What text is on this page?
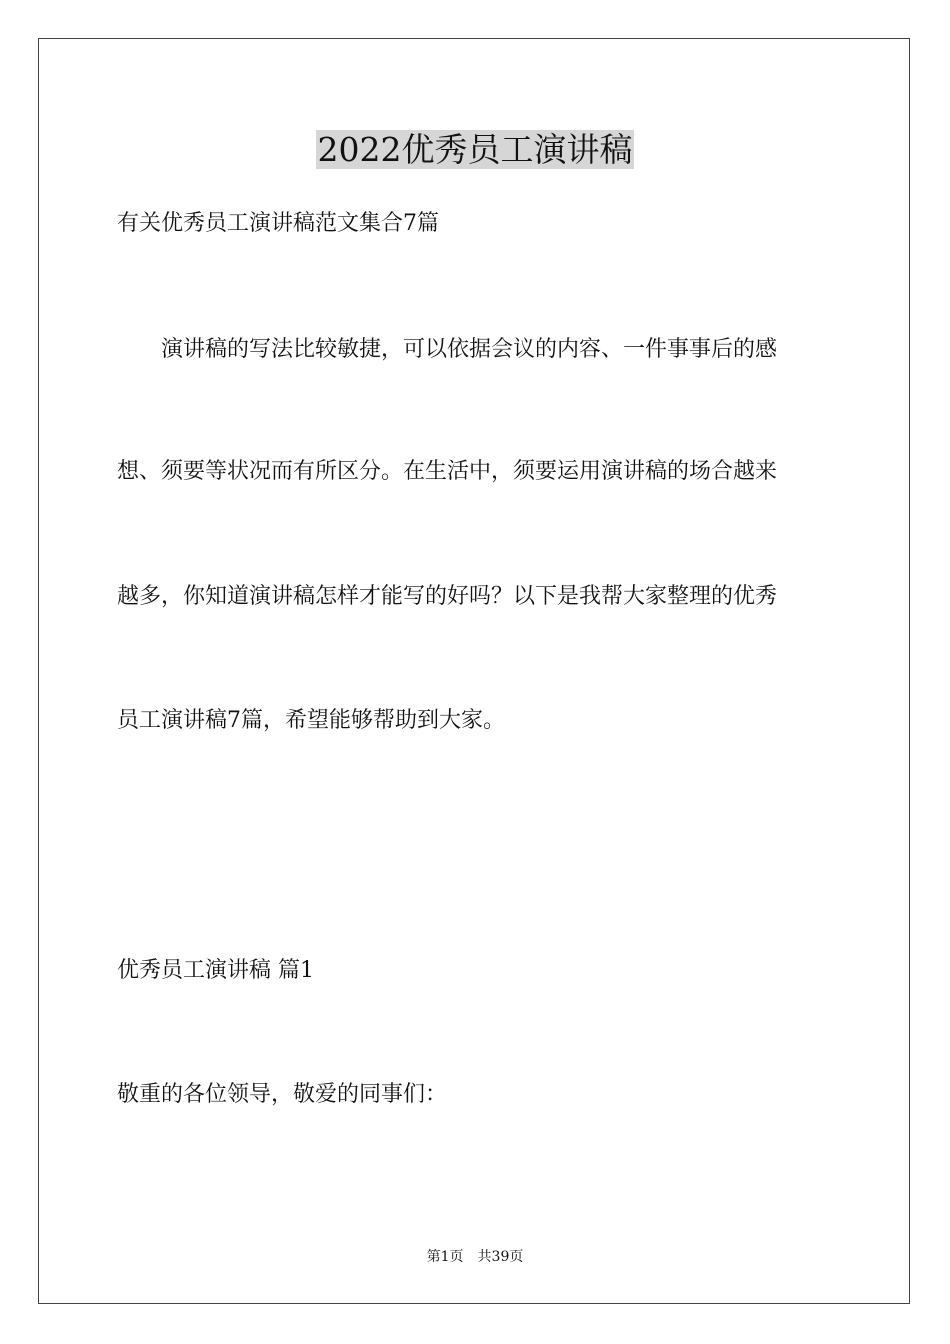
2022优秀员工演讲稿

有关优秀员工演讲稿范文集合7篇

演讲稿的写法比较敏捷，可以依据会议的内容、一件事事后的感

想、须要等状况而有所区分。在生活中，须要运用演讲稿的场合越来

越多，你知道演讲稿怎样才能写的好吗？以下是我帮大家整理的优秀

员工演讲稿7篇，希望能够帮助到大家。

优秀员工演讲稿 篇1

敬重的各位领导，敬爱的同事们：

第1页 共39页
